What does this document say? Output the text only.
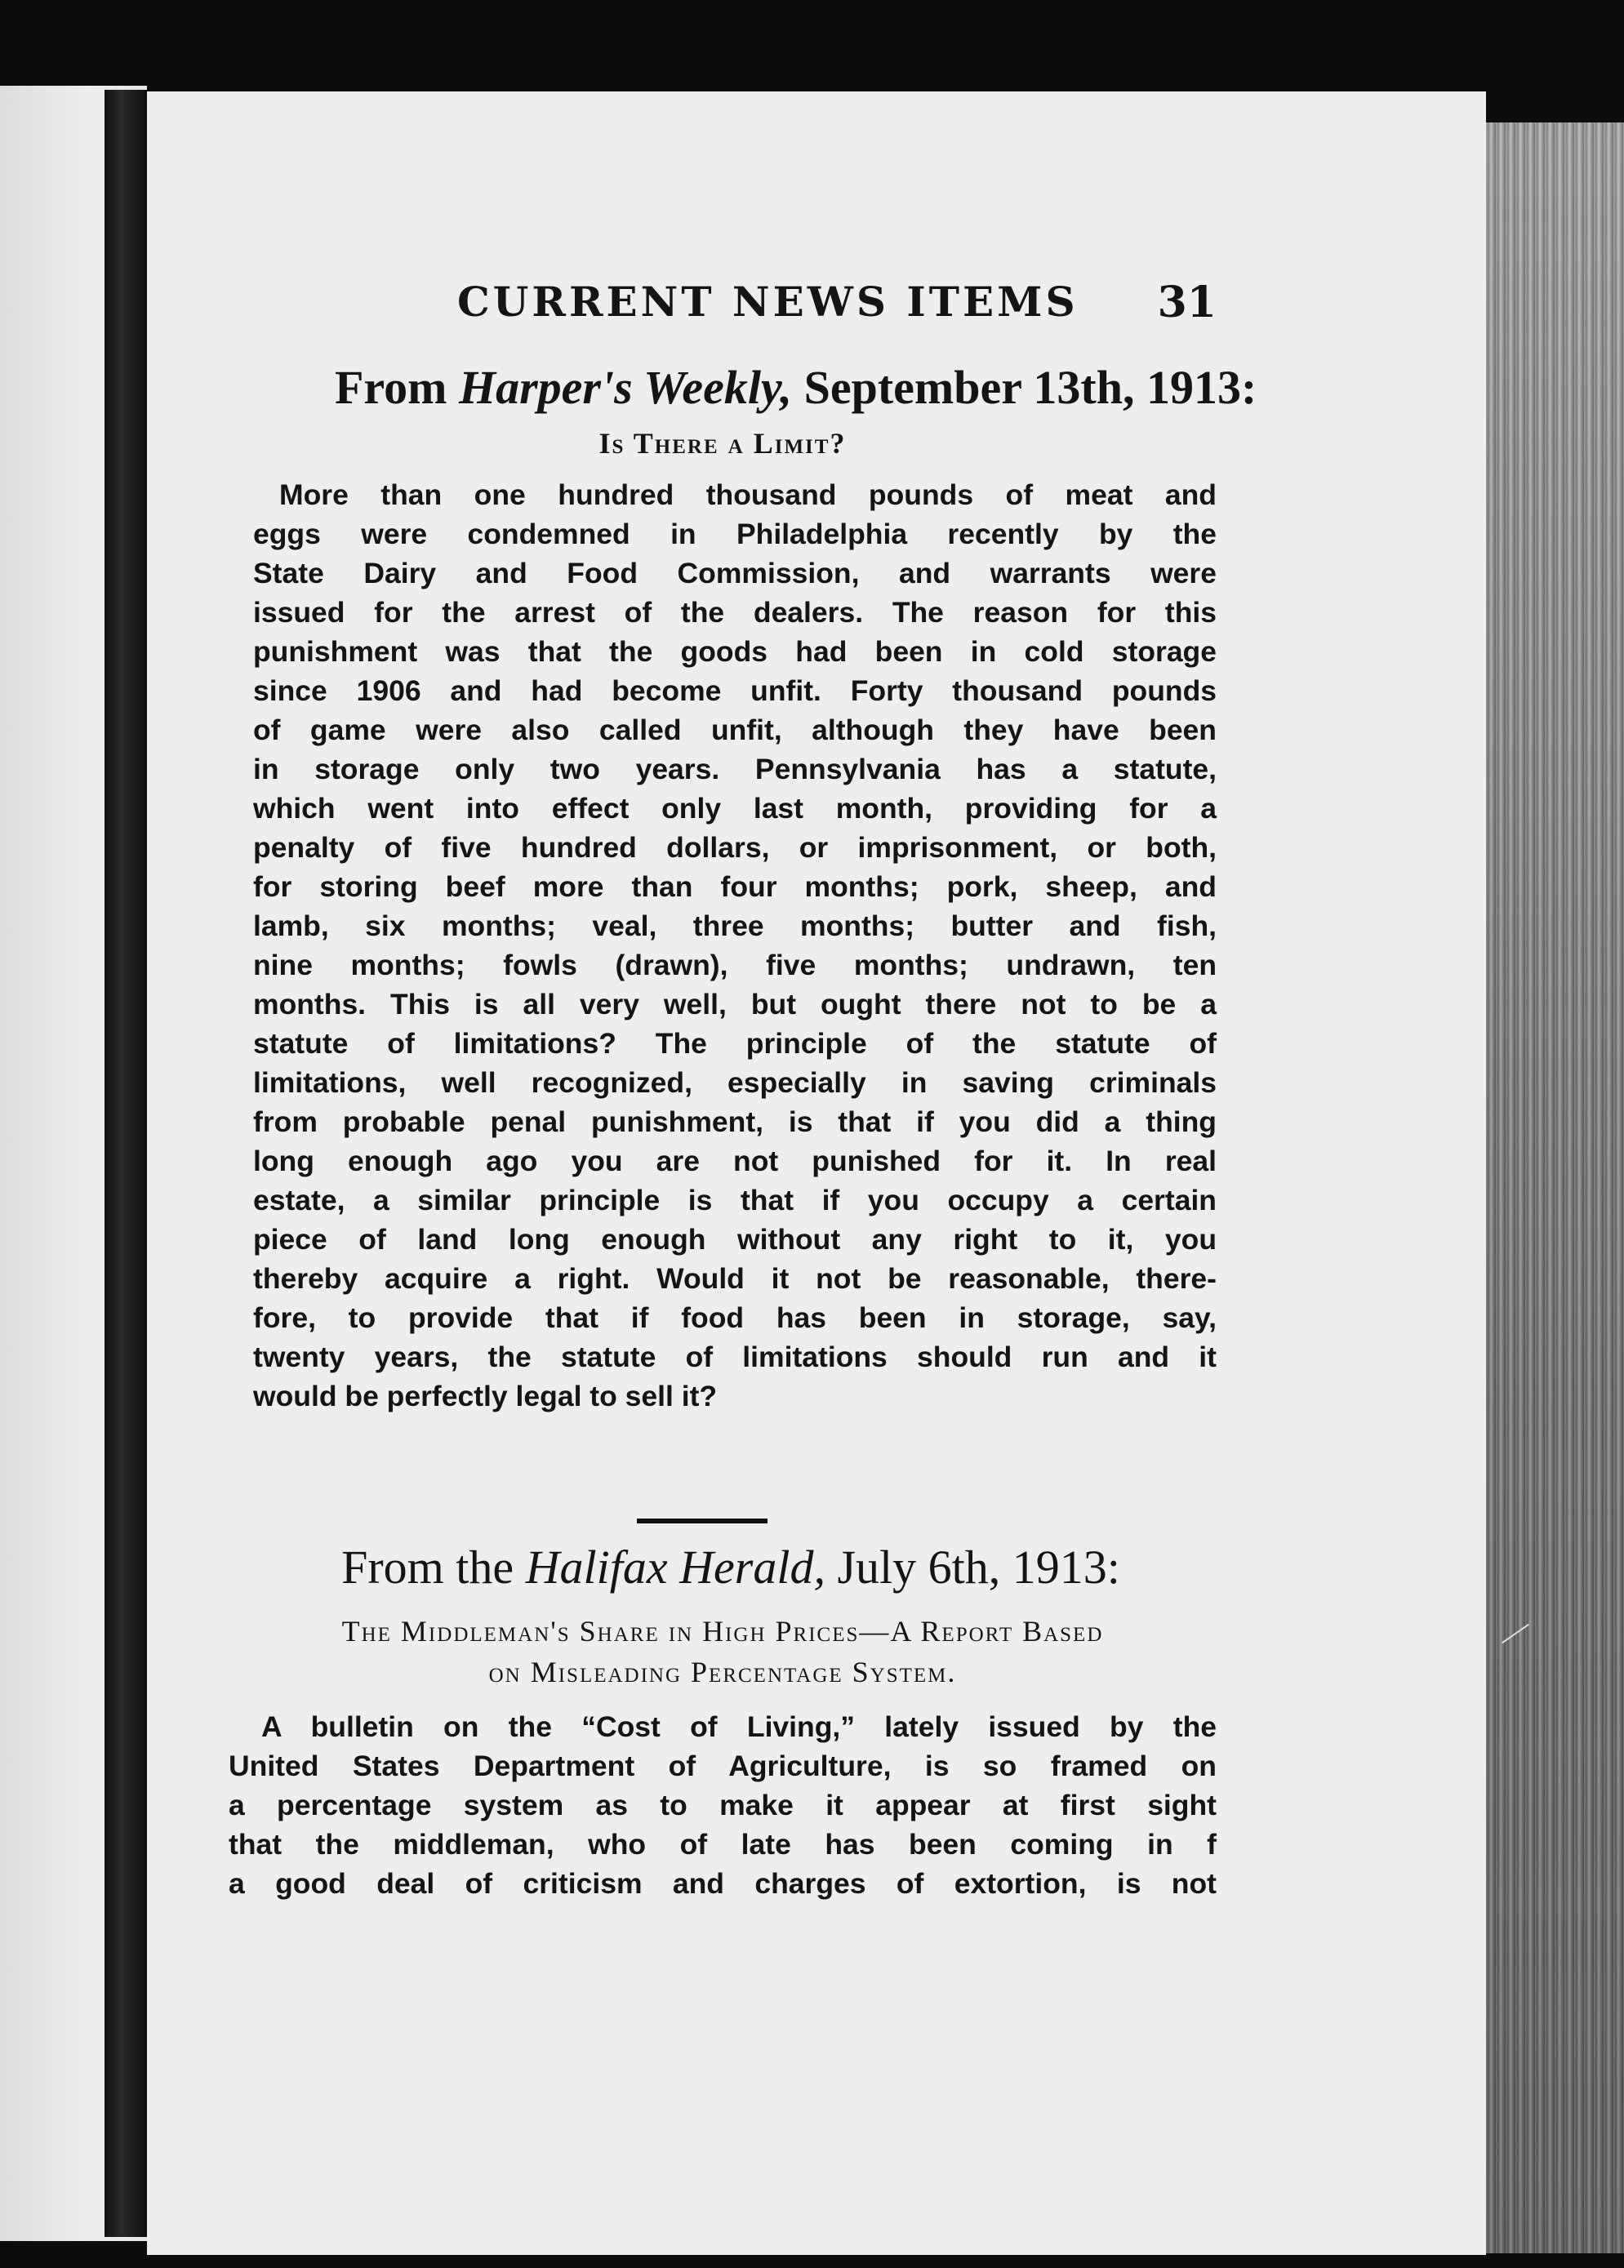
CURRENT NEWS ITEMS 31
From Harper's Weekly, September 13th, 1913:
Is There a Limit?
More than one hundred thousand pounds of meat and
eggs were condemned in Philadelphia recently by the
State Dairy and Food Commission, and warrants were
issued for the arrest of the dealers. The reason for this
punishment was that the goods had been in cold storage
since 1906 and had become unfit. Forty thousand pounds
of game were also called unfit, although they have been
in storage only two years. Pennsylvania has a statute,
which went into effect only last month, providing for a
penalty of five hundred dollars, or imprisonment, or both,
for storing beef more than four months; pork, sheep, and
lamb, six months; veal, three months; butter and fish,
nine months; fowls (drawn), five months; undrawn, ten
months. This is all very well, but ought there not to be a
statute of limitations? The principle of the statute of
limitations, well recognized, especially in saving criminals
from probable penal punishment, is that if you did a thing
long enough ago you are not punished for it. In real
estate, a similar principle is that if you occupy a certain
piece of land long enough without any right to it, you
thereby acquire a right. Would it not be reasonable, there-
fore, to provide that if food has been in storage, say,
twenty years, the statute of limitations should run and it
would be perfectly legal to sell it?
From the Halifax Herald, July 6th, 1913:
The Middleman's Share in High Prices—A Report Based
on Misleading Percentage System.
A bulletin on the “Cost of Living,” lately issued by the
United States Department of Agriculture, is so framed on
a percentage system as to make it appear at first sight
that the middleman, who of late has been coming in f
a good deal of criticism and charges of extortion, is not
